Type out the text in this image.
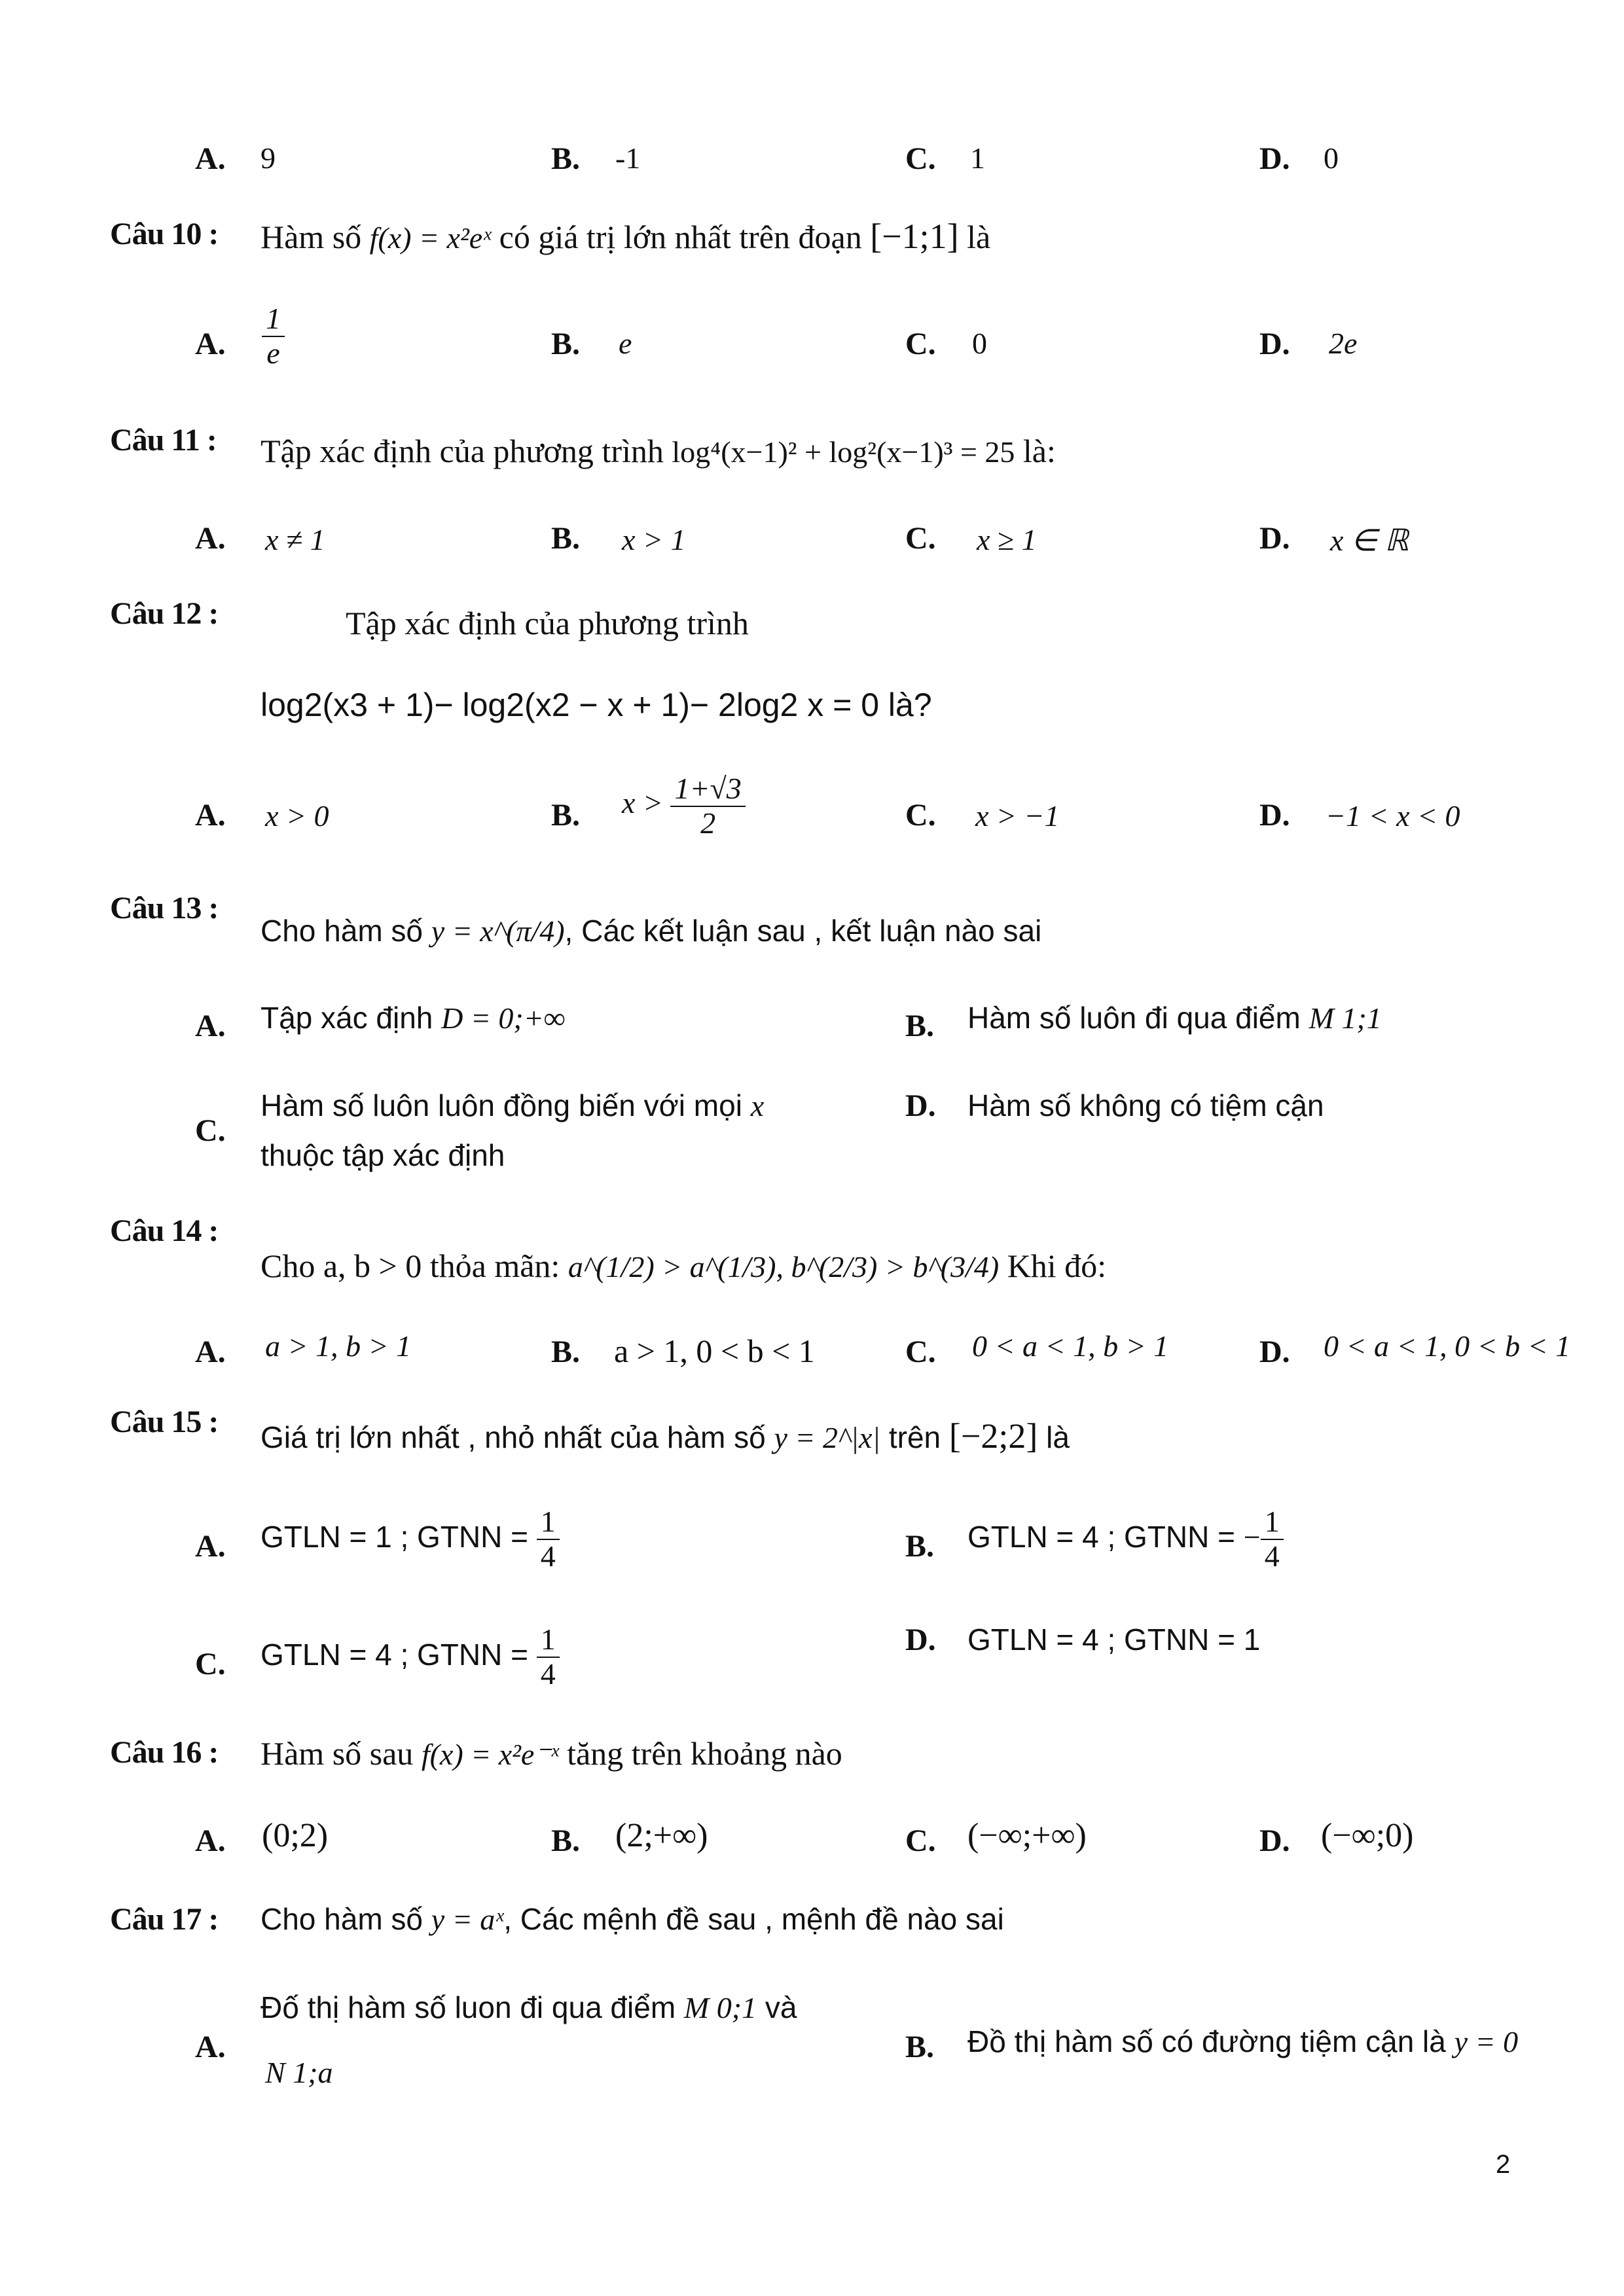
A. 9	B. -1	C. 1	D. 0
Câu 10 : Hàm số f(x) = x²eˣ có giá trị lớn nhất trên đoạn [−1;1] là
A. $\frac{1}{e}$	B. e	C. 0	D. 2e
Câu 11 : Tập xác định của phương trình log⁴(x−1)² + log²(x−1)³ = 25 là:
A. x ≠ 1	B. x > 1	C. x ≥ 1	D. x ∈ ℝ
Câu 12 :	Tập xác định của phương trình
log2(x3 + 1)− log2(x2 − x + 1)− 2log2 x = 0 là?
A. x > 0	B. $x > \frac{1+√3}{2}$	C. x > −1	D. −1 < x < 0
Câu 13 :
Cho hàm số y = x^(π/4), Các kết luận sau , kết luận nào sai
A. Tập xác định D = 0;+∞	B. Hàm số luôn đi qua điểm M 1;1
C.
Hàm số luôn luôn đồng biến với mọi x
thuộc tập xác định
D. Hàm số không có tiệm cận
Câu 14 :
Cho a, b > 0 thỏa mãn: a^(1/2) > a^(1/3), b^(2/3) > b^(3/4) Khi đó:
A. a > 1, b > 1	B. a > 1, 0 < b < 1	C. 0 < a < 1, b > 1	D. 0 < a < 1, 0 < b < 1
Câu 15 : Giá trị lớn nhất , nhỏ nhất của hàm số y = 2^|x| trên [−2;2] là
A. GTLN = 1 ; GTNN = $\frac{1}{4}$	B. GTLN = 4 ; GTNN = − $\frac{1}{4}$
C. GTLN = 4 ; GTNN = $\frac{1}{4}$	D. GTLN = 4 ; GTNN = 1
Câu 16 : Hàm số sau f(x) = x²e⁻ˣ tăng trên khoảng nào
A. (0;2)	B. (2;+∞)	C. (−∞;+∞)	D. (−∞;0)
Câu 17 : Cho hàm số y = aˣ, Các mệnh đề sau , mệnh đề nào sai
A.
Đố thị hàm số luon đi qua điểm M 0;1 và
N 1;a
B. Đồ thị hàm số có đường tiệm cận là y = 0
2
